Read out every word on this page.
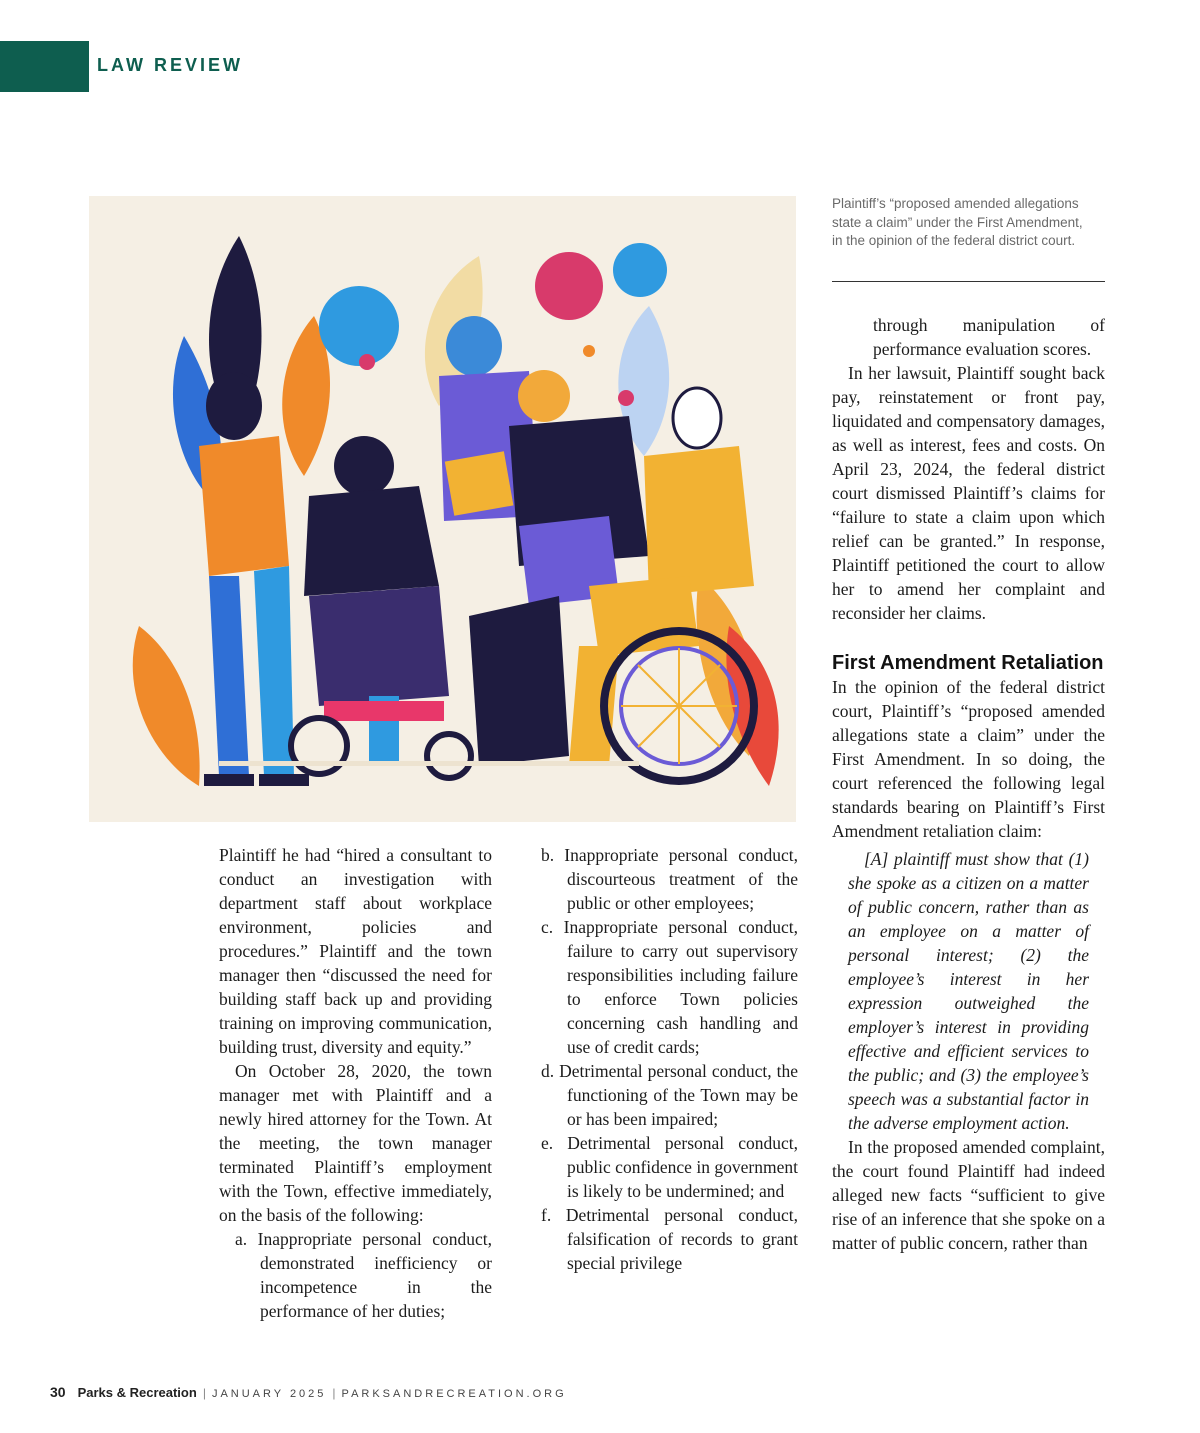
LAW REVIEW
Plaintiff’s “proposed amended allegations state a claim” under the First Amendment, in the opinion of the federal district court.

Plaintiff he had “hired a consultant to conduct an investigation with department staff about workplace environment, policies and procedures.” Plaintiff and the town manager then “discussed the need for building staff back up and providing training on improving communication, building trust, diversity and equity.”

On October 28, 2020, the town manager met with Plaintiff and a newly hired attorney for the Town. At the meeting, the town manager terminated Plaintiff’s employment with the Town, effective immediately, on the basis of the following:

a. Inappropriate personal conduct, demonstrated inefficiency or incompetence in the performance of her duties;
b. Inappropriate personal conduct, discourteous treatment of the public or other employees;
c. Inappropriate personal conduct, failure to carry out supervisory responsibilities including failure to enforce Town policies concerning cash handling and use of credit cards;
d. Detrimental personal conduct, the functioning of the Town may be or has been impaired;
e. Detrimental personal conduct, public confidence in government is likely to be undermined; and
f. Detrimental personal conduct, falsification of records to grant special privilege
through manipulation of performance evaluation scores.

In her lawsuit, Plaintiff sought back pay, reinstatement or front pay, liquidated and compensatory damages, as well as interest, fees and costs. On April 23, 2024, the federal district court dismissed Plaintiff’s claims for “failure to state a claim upon which relief can be granted.” In response, Plaintiff petitioned the court to allow her to amend her complaint and reconsider her claims.

First Amendment Retaliation

In the opinion of the federal district court, Plaintiff’s “proposed amended allegations state a claim” under the First Amendment. In so doing, the court referenced the following legal standards bearing on Plaintiff’s First Amendment retaliation claim:

[A] plaintiff must show that (1) she spoke as a citizen on a matter of public concern, rather than as an employee on a matter of personal interest; (2) the employee’s interest in her expression outweighed the employer’s interest in providing effective and efficient services to the public; and (3) the employee’s speech was a substantial factor in the adverse employment action.

In the proposed amended complaint, the court found Plaintiff had indeed alleged new facts “sufficient to give rise of an inference that she spoke on a matter of public concern, rather than

30 Parks & Recreation | JANUARY 2025 | PARKSANDRECREATION.ORG
